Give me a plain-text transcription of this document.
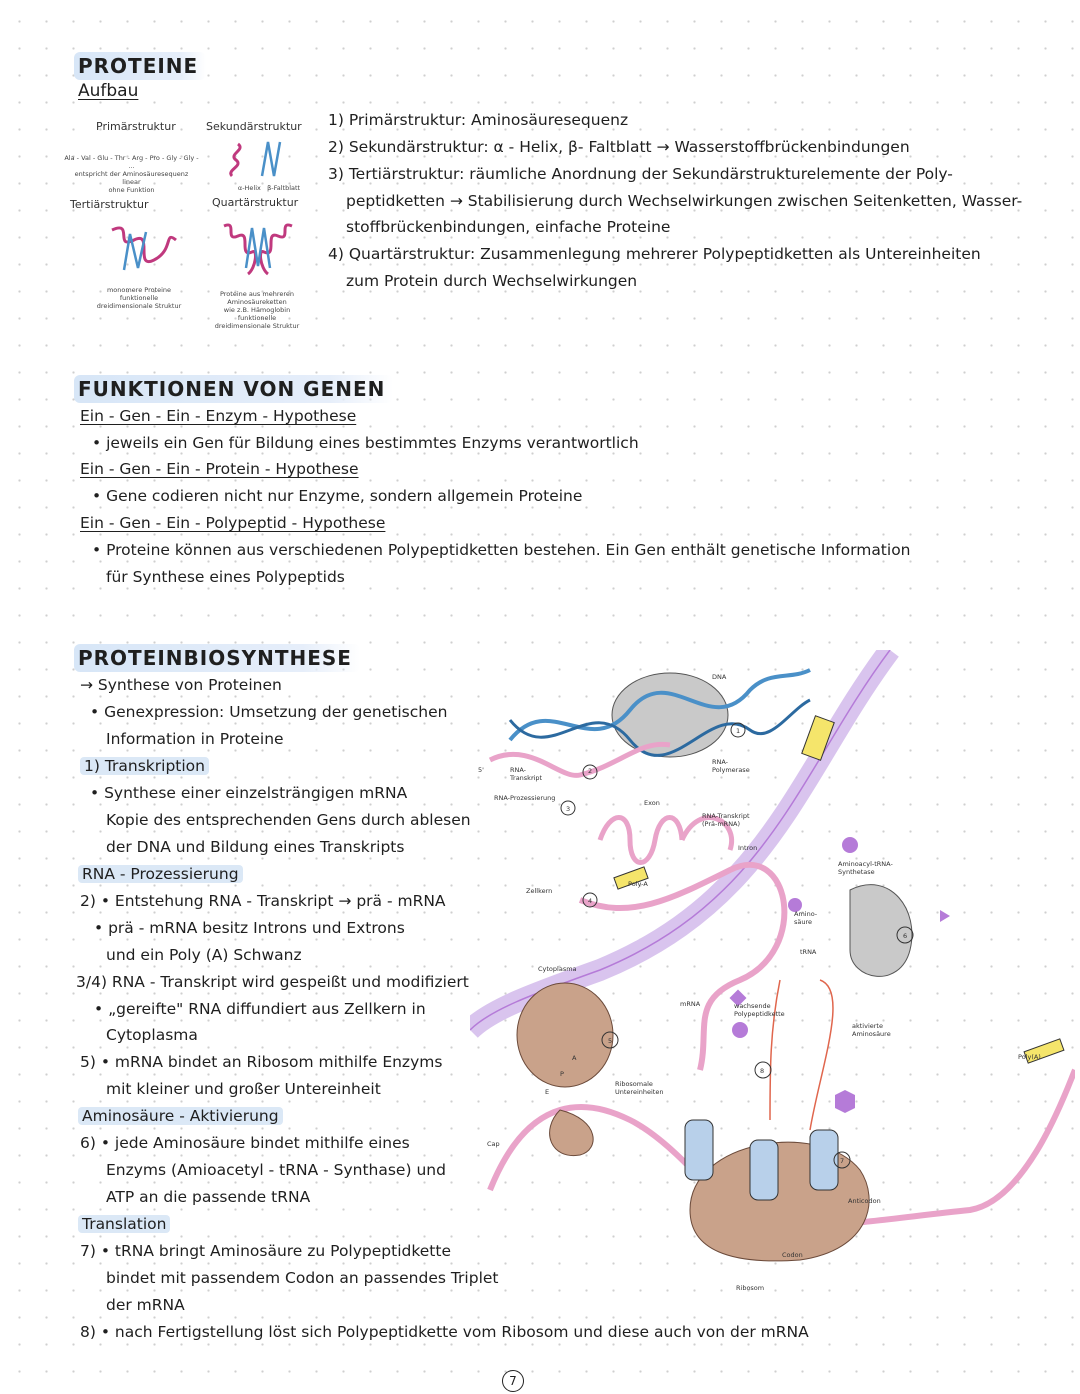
PROTEINE
Aufbau
Primärstruktur	Sekundärstruktur
Ala - Val - Glu - Thr - Arg - Pro - Gly - Gly - ...
entspricht der Aminosäuresequenz
linear
ohne Funktion	α-Helix β-Faltblatt
Tertiärstruktur	Quartärstruktur
monomere Proteine
funktionelle
dreidimensionale Struktur
Proteine aus mehreren Aminosäureketten
wie z.B. Hämoglobin
funktionelle
dreidimensionale Struktur
1) Primärstruktur: Aminosäuresequenz
2) Sekundärstruktur: α - Helix, β- Faltblatt → Wasserstoffbrückenbindungen
3) Tertiärstruktur: räumliche Anordnung der Sekundärstrukturelemente der Poly-
peptidketten → Stabilisierung durch Wechselwirkungen zwischen Seitenketten, Wasser-
stoffbrückenbindungen, einfache Proteine
4) Quartärstruktur: Zusammenlegung mehrerer Polypeptidketten als Untereinheiten
zum Protein durch Wechselwirkungen
FUNKTIONEN VON GENEN
Ein - Gen - Ein - Enzym - Hypothese
• jeweils ein Gen für Bildung eines bestimmtes Enzyms verantwortlich
Ein - Gen - Ein - Protein - Hypothese
• Gene codieren nicht nur Enzyme, sondern allgemein Proteine
Ein - Gen - Ein - Polypeptid - Hypothese
• Proteine können aus verschiedenen Polypeptidketten bestehen. Ein Gen enthält genetische Information
für Synthese eines Polypeptids
PROTEINBIOSYNTHESE
→ Synthese von Proteinen
• Genexpression: Umsetzung der genetischen
Information in Proteine
1) Transkription
• Synthese einer einzelsträngigen mRNA
Kopie des entsprechenden Gens durch ablesen
der DNA und Bildung eines Transkripts
RNA - Prozessierung
2) • Entstehung RNA - Transkript → prä - mRNA
• prä - mRNA besitz Introns und Extrons
und ein Poly (A) Schwanz
3/4) RNA - Transkript wird gespeißt und modifiziert
• „gereifte" RNA diffundiert aus Zellkern in
Cytoplasma
5) • mRNA bindet an Ribosom mithilfe Enzyms
mit kleiner und großer Untereinheit
Aminosäure - Aktivierung
6) • jede Aminosäure bindet mithilfe eines
Enzyms (Amioacetyl - tRNA - Synthase) und
ATP an die passende tRNA
Translation
7) • tRNA bringt Aminosäure zu Polypeptidkette
bindet mit passendem Codon an passendes Triplet
der mRNA
8) • nach Fertigstellung löst sich Polypeptidkette vom Ribosom und diese auch von der mRNA
DNA
5'	RNA-Transkript
RNA-Polymerase
RNA-Prozessierung
Exon
RNA-Transkript (Prä-mRNA)
Intron
Zellkern
Poly-A
Cytoplasma
Cap
Ribosomale Untereinheiten
mRNA	wachsende Polypeptidkette
Amino-säure
tRNA
Aminoacyl-tRNA-Synthetase
aktivierte Aminosäure
Anticodon
Codon
Ribosom
Poly(A)
2
3
4
5
6
7
8
1
E
P
A
7
